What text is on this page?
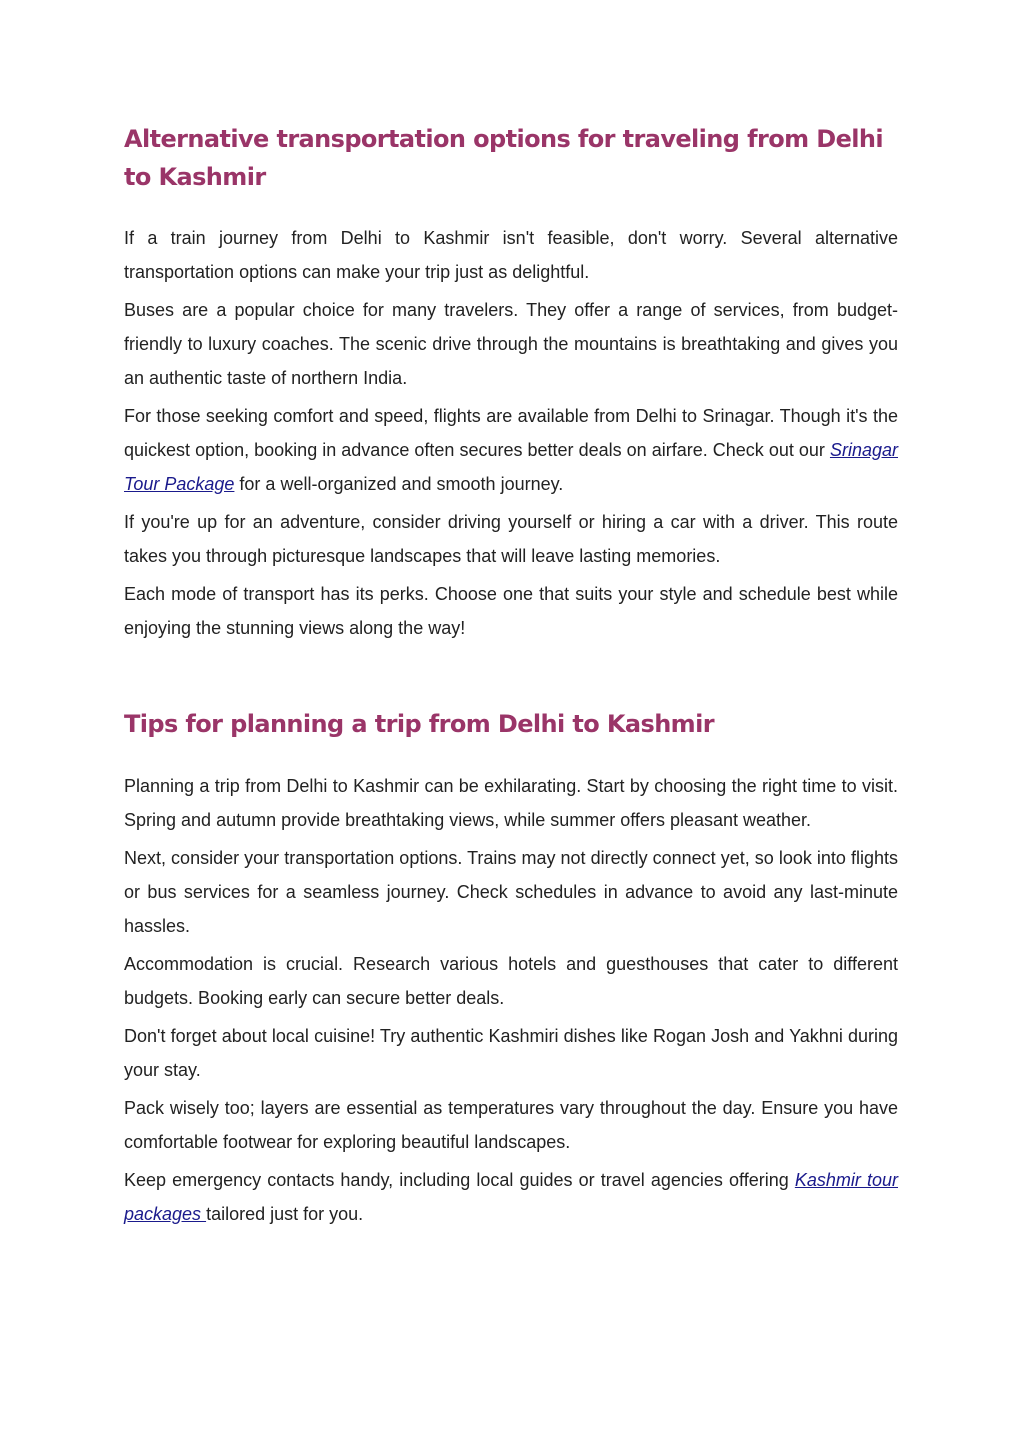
Alternative transportation options for traveling from Delhi to Kashmir

If a train journey from Delhi to Kashmir isn't feasible, don't worry. Several alternative transportation options can make your trip just as delightful.

Buses are a popular choice for many travelers. They offer a range of services, from budget-friendly to luxury coaches. The scenic drive through the mountains is breathtaking and gives you an authentic taste of northern India.

For those seeking comfort and speed, flights are available from Delhi to Srinagar. Though it's the quickest option, booking in advance often secures better deals on airfare. Check out our Srinagar Tour Package for a well-organized and smooth journey.

If you're up for an adventure, consider driving yourself or hiring a car with a driver. This route takes you through picturesque landscapes that will leave lasting memories.

Each mode of transport has its perks. Choose one that suits your style and schedule best while enjoying the stunning views along the way!

Tips for planning a trip from Delhi to Kashmir

Planning a trip from Delhi to Kashmir can be exhilarating. Start by choosing the right time to visit. Spring and autumn provide breathtaking views, while summer offers pleasant weather.

Next, consider your transportation options. Trains may not directly connect yet, so look into flights or bus services for a seamless journey. Check schedules in advance to avoid any last-minute hassles.

Accommodation is crucial. Research various hotels and guesthouses that cater to different budgets. Booking early can secure better deals.

Don't forget about local cuisine! Try authentic Kashmiri dishes like Rogan Josh and Yakhni during your stay.

Pack wisely too; layers are essential as temperatures vary throughout the day. Ensure you have comfortable footwear for exploring beautiful landscapes.

Keep emergency contacts handy, including local guides or travel agencies offering Kashmir tour packages tailored just for you.
